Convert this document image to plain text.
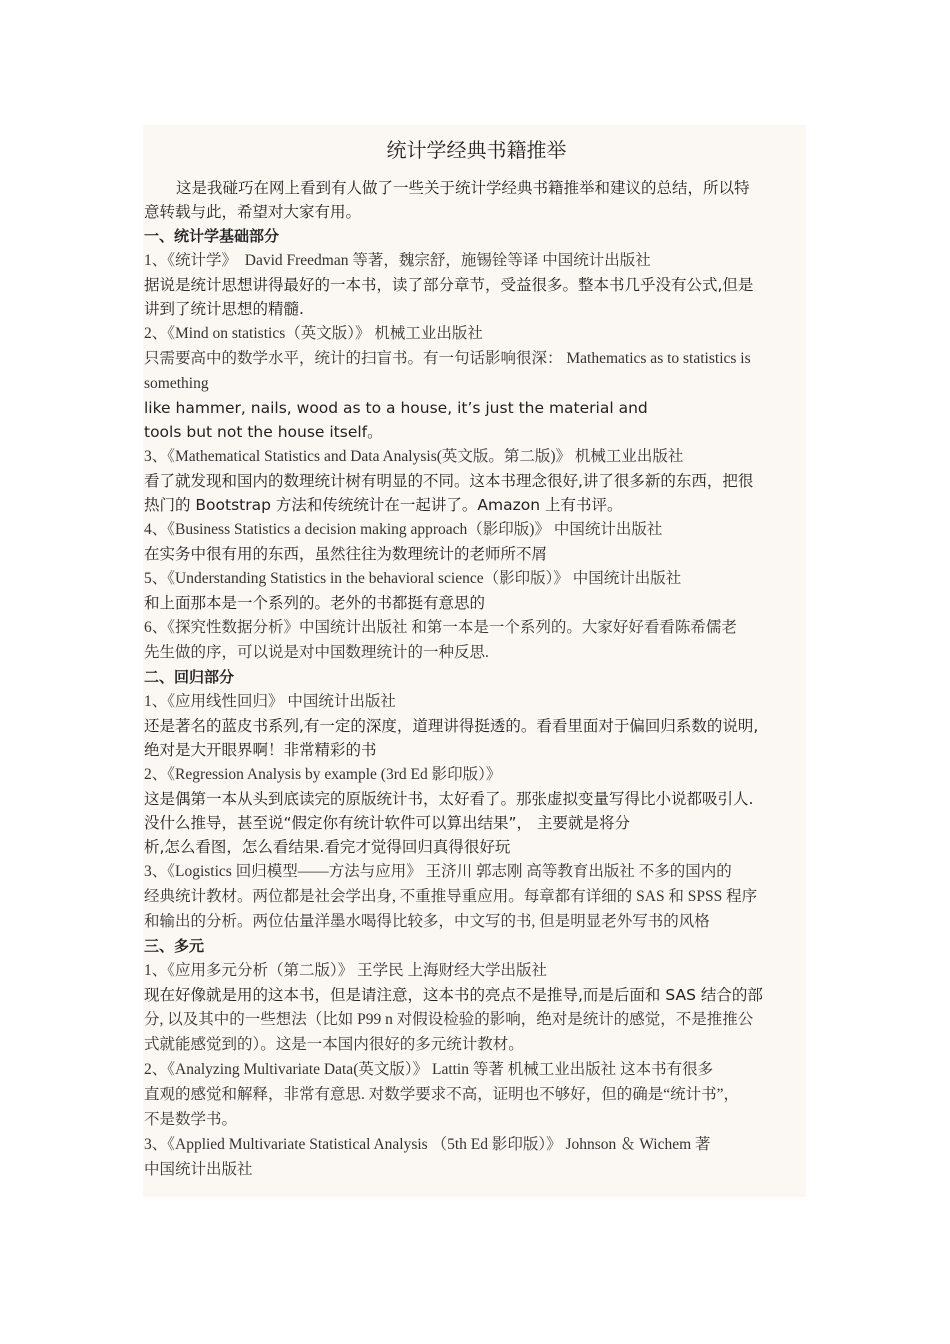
统计学经典书籍推举
这是我碰巧在网上看到有人做了一些关于统计学经典书籍推举和建议的总结，所以特
意转载与此，希望对大家有用。
一、统计学基础部分
1、《统计学》　David Freedman 等著，魏宗舒，施锡铨等译 中国统计出版社
据说是统计思想讲得最好的一本书，读了部分章节，受益很多。整本书几乎没有公式,但是
讲到了统计思想的精髓.
2、《Mind on statistics（英文版）》 机械工业出版社
只需要高中的数学水平，统计的扫盲书。有一句话影响很深： Mathematics as to statistics is
something
like hammer, nails, wood as to a house, it’s just the material and
tools but not the house itself。
3、《Mathematical Statistics and Data Analysis(英文版。第二版)》 机械工业出版社
看了就发现和国内的数理统计树有明显的不同。这本书理念很好,讲了很多新的东西，把很
热门的 Bootstrap 方法和传统统计在一起讲了。Amazon 上有书评。
4、《Business Statistics a decision making approach（影印版)》 中国统计出版社
在实务中很有用的东西，虽然往往为数理统计的老师所不屑
5、《Understanding Statistics in the behavioral science（影印版）》 中国统计出版社
和上面那本是一个系列的。老外的书都挺有意思的
6、《探究性数据分析》中国统计出版社 和第一本是一个系列的。大家好好看看陈希儒老
先生做的序，可以说是对中国数理统计的一种反思.
二、回归部分
1、《应用线性回归》 中国统计出版社
还是著名的蓝皮书系列,有一定的深度，道理讲得挺透的。看看里面对于偏回归系数的说明,
绝对是大开眼界啊！非常精彩的书
2、《Regression Analysis by example (3rd Ed 影印版）》
这是偶第一本从头到底读完的原版统计书，太好看了。那张虚拟变量写得比小说都吸引人.
没什么推导，甚至说“假定你有统计软件可以算出结果”， 主要就是将分
析,怎么看图，怎么看结果.看完才觉得回归真得很好玩
3、《Logistics 回归模型——方法与应用》 王济川 郭志刚 高等教育出版社 不多的国内的
经典统计教材。两位都是社会学出身, 不重推导重应用。每章都有详细的 SAS 和 SPSS 程序
和输出的分析。两位估量洋墨水喝得比较多，中文写的书, 但是明显老外写书的风格
三、多元
1、《应用多元分析（第二版）》 王学民 上海财经大学出版社
现在好像就是用的这本书，但是请注意，这本书的亮点不是推导,而是后面和 SAS 结合的部
分, 以及其中的一些想法（比如 P99 n 对假设检验的影响，绝对是统计的感觉，不是推推公
式就能感觉到的）。这是一本国内很好的多元统计教材。
2、《Analyzing Multivariate Data(英文版）》 Lattin 等著 机械工业出版社 这本书有很多
直观的感觉和解释，非常有意思. 对数学要求不高，证明也不够好，但的确是“统计书”，
不是数学书。
3、《Applied Multivariate Statistical Analysis （5th Ed 影印版）》 Johnson ＆ Wichem 著
中国统计出版社
